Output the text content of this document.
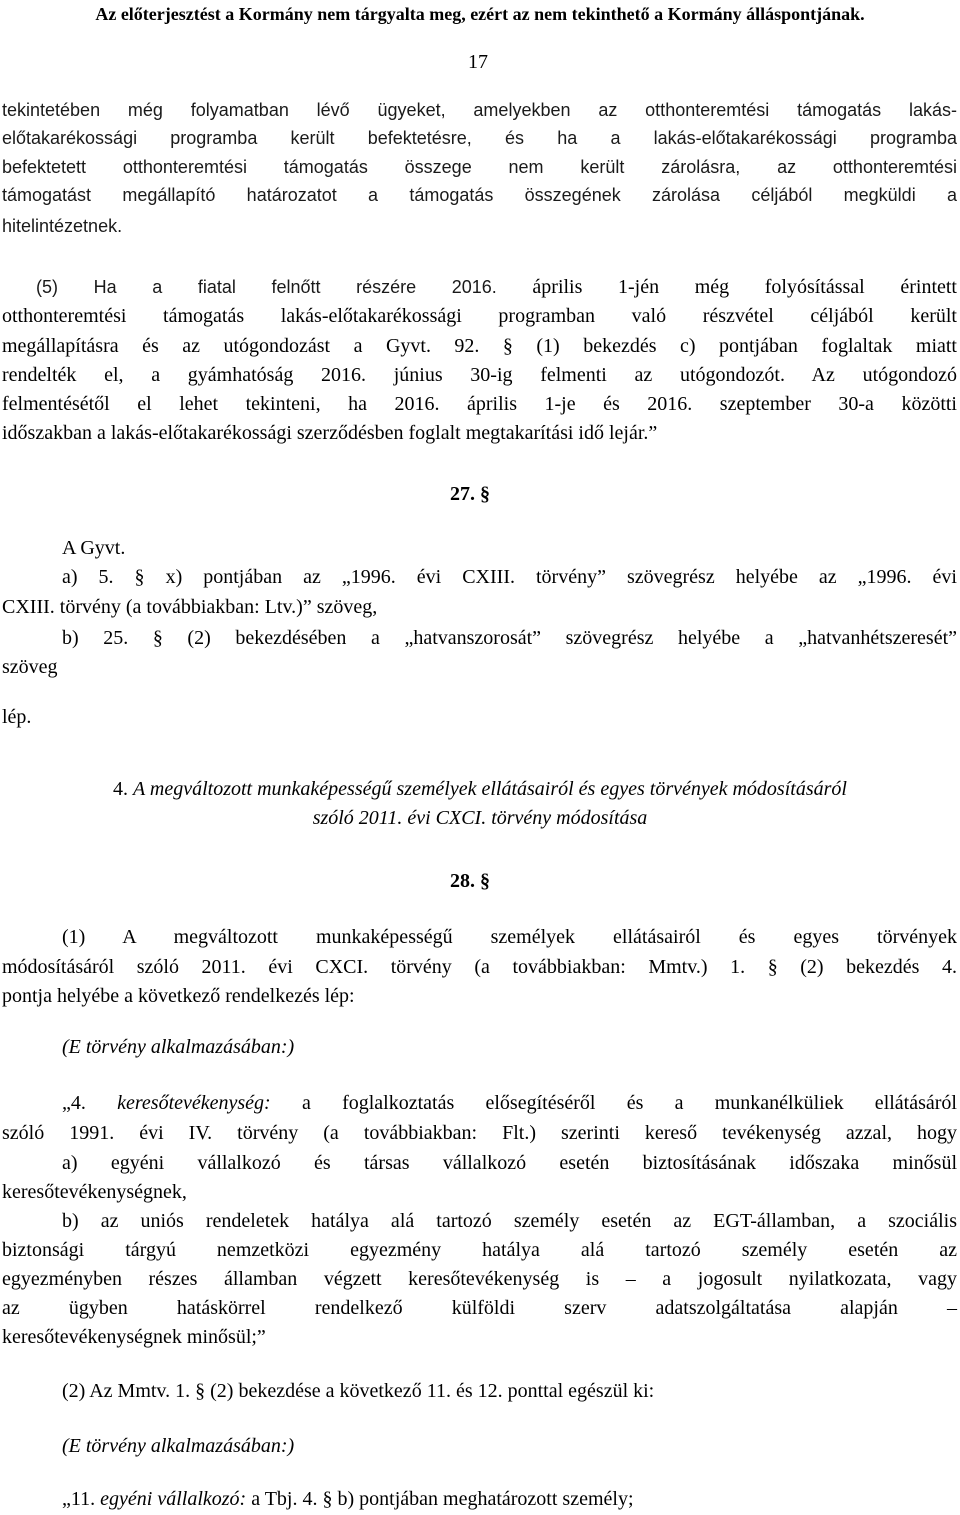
Az előterjesztést a Kormány nem tárgyalta meg, ezért az nem tekinthető a Kormány álláspontjának.
17
tekintetében még folyamatban lévő ügyeket, amelyekben az otthonteremtési támogatás lakás-
előtakarékossági programba került befektetésre, és ha a lakás-előtakarékossági programba
befektetett otthonteremtési támogatás összege nem került zárolásra, az otthonteremtési
támogatást megállapító határozatot a támogatás összegének zárolása céljából megküldi a
hitelintézetnek.
(5) Ha a fiatal felnőtt részére 2016. április 1-jén még folyósítással érintett
otthonteremtési támogatás lakás-előtakarékossági programban való részvétel céljából került
megállapításra és az utógondozást a Gyvt. 92. § (1) bekezdés c) pontjában foglaltak miatt
rendelték el, a gyámhatóság 2016. június 30-ig felmenti az utógondozót. Az utógondozó
felmentésétől el lehet tekinteni, ha 2016. április 1-je és 2016. szeptember 30-a közötti
időszakban a lakás-előtakarékossági szerződésben foglalt megtakarítási idő lejár.”
27. §
A Gyvt.
a) 5. § x) pontjában az „1996. évi CXIII. törvény” szövegrész helyébe az „1996. évi
CXIII. törvény (a továbbiakban: Ltv.)” szöveg,
b) 25. § (2) bekezdésében a „hatvanszorosát” szövegrész helyébe a „hatvanhétszeresét”
szöveg
lép.
4. A megváltozott munkaképességű személyek ellátásairól és egyes törvények módosításáról
szóló 2011. évi CXCI. törvény módosítása
28. §
(1) A megváltozott munkaképességű személyek ellátásairól és egyes törvények
módosításáról szóló 2011. évi CXCI. törvény (a továbbiakban: Mmtv.) 1. § (2) bekezdés 4.
pontja helyébe a következő rendelkezés lép:
(E törvény alkalmazásában:)
„4. keresőtevékenység: a foglalkoztatás elősegítéséről és a munkanélküliek ellátásáról
szóló 1991. évi IV. törvény (a továbbiakban: Flt.) szerinti kereső tevékenység azzal, hogy
a) egyéni vállalkozó és társas vállalkozó esetén biztosításának időszaka minősül
keresőtevékenységnek,
b) az uniós rendeletek hatálya alá tartozó személy esetén az EGT-államban, a szociális
biztonsági tárgyú nemzetközi egyezmény hatálya alá tartozó személy esetén az
egyezményben részes államban végzett keresőtevékenység is – a jogosult nyilatkozata, vagy
az ügyben hatáskörrel rendelkező külföldi szerv adatszolgáltatása alapján –
keresőtevékenységnek minősül;”
(2) Az Mmtv. 1. § (2) bekezdése a következő 11. és 12. ponttal egészül ki:
(E törvény alkalmazásában:)
„11. egyéni vállalkozó: a Tbj. 4. § b) pontjában meghatározott személy;
